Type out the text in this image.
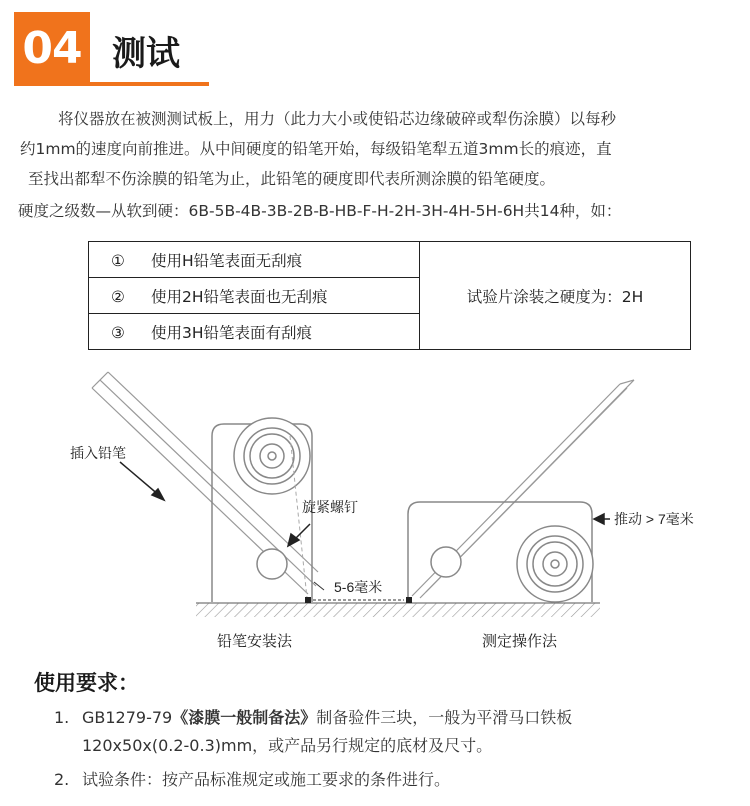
04 测试
将仪器放在被测测试板上，用力（此力大小或使铅芯边缘破碎或犁伤涂膜）以每秒
约1mm的速度向前推进。从中间硬度的铅笔开始，每级铅笔犁五道3mm长的痕迹，直
至找出都犁不伤涂膜的铅笔为止，此铅笔的硬度即代表所测涂膜的铅笔硬度。
硬度之级数—从软到硬：6B-5B-4B-3B-2B-B-HB-F-H-2H-3H-4H-5H-6H共14种，如：
① 使用H铅笔表面无刮痕	试验片涂装之硬度为：2H
② 使用2H铅笔表面也无刮痕
③ 使用3H铅笔表面有刮痕
插入铅笔
旋紧螺钉
5-6毫米
推动 > 7毫米
铅笔安装法	测定操作法
使用要求：
1. GB1279-79《漆膜一般制备法》制备验件三块，一般为平滑马口铁板
120x50x(0.2-0.3)mm，或产品另行规定的底材及尺寸。
2. 试验条件：按产品标准规定或施工要求的条件进行。
